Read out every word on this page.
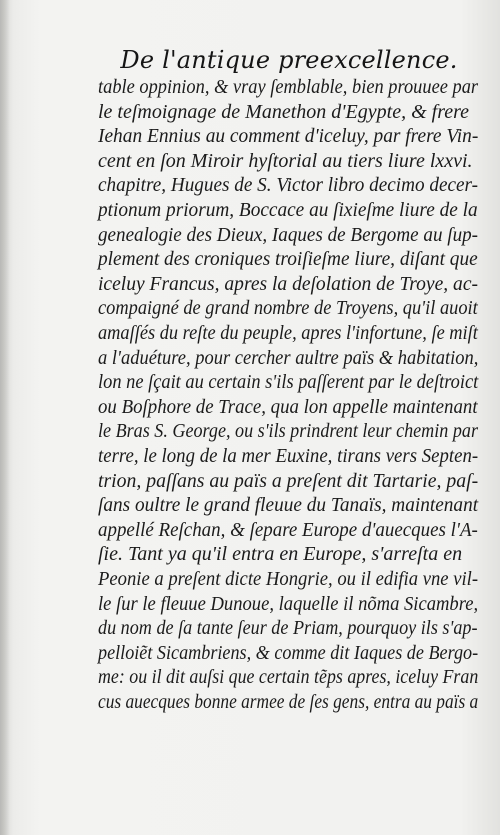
De l'antique preexcellence.
table oppinion, & vray ſemblable, bien prouuee par
le teſmoignage de Manethon d'Egypte, & frere
Iehan Ennius au comment d'iceluy, par frere Vin-
cent en ſon Miroir hyſtorial au tiers liure lxxvi.
chapitre, Hugues de S. Victor libro decimo decer-
ptionum priorum, Boccace au ſixieſme liure de la
genealogie des Dieux, Iaques de Bergome au ſup-
plement des croniques troiſieſme liure, diſant que
iceluy Francus, apres la deſolation de Troye, ac-
compaigné de grand nombre de Troyens, qu'il auoit
amaſſés du reſte du peuple, apres l'infortune, ſe miſt
a l'aduéture, pour cercher aultre païs & habitation,
lon ne ſçait au certain s'ils paſſerent par le deſtroict
ou Boſphore de Trace, qua lon appelle maintenant
le Bras S. George, ou s'ils prindrent leur chemin par
terre, le long de la mer Euxine, tirans vers Septen-
trion, paſſans au païs a preſent dit Tartarie, paſ-
ſans oultre le grand fleuue du Tanaïs, maintenant
appellé Reſchan, & ſepare Europe d'auecques l'A-
ſie. Tant ya qu'il entra en Europe, s'arreſta en
Peonie a preſent dicte Hongrie, ou il edifia vne vil-
le ſur le fleuue Dunoue, laquelle il nõma Sicambre,
du nom de ſa tante ſeur de Priam, pourquoy ils s'ap-
pelloiẽt Sicambriens, & comme dit Iaques de Bergo-
me: ou il dit auſsi que certain tẽps apres, iceluy Fran
cus auecques bonne armee de ſes gens, entra au païs a
